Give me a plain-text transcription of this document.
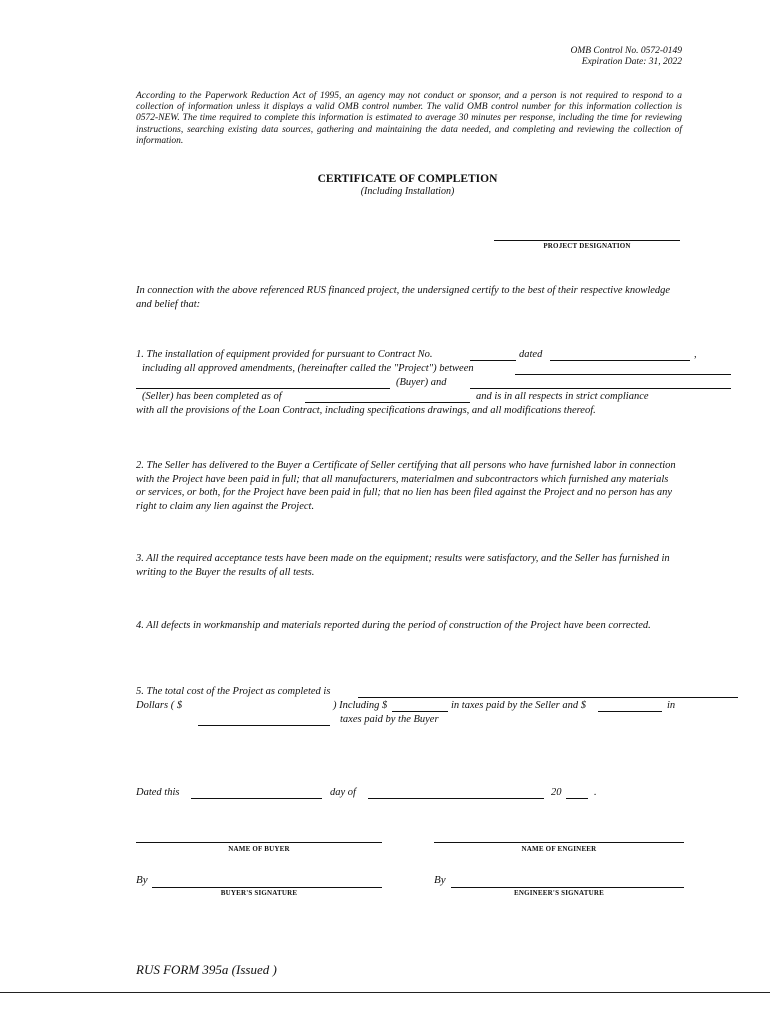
OMB Control No. 0572-0149
Expiration Date: 31, 2022
According to the Paperwork Reduction Act of 1995, an agency may not conduct or sponsor, and a person is not required to respond to a collection of information unless it displays a valid OMB control number. The valid OMB control number for this information collection is 0572-NEW. The time required to complete this information is estimated to average 30 minutes per response, including the time for reviewing instructions, searching existing data sources, gathering and maintaining the data needed, and completing and reviewing the collection of information.
CERTIFICATE OF COMPLETION
(Including Installation)
PROJECT DESIGNATION
In connection with the above referenced RUS financed project, the undersigned certify to the best of their respective knowledge and belief that:
1. The installation of equipment provided for pursuant to Contract No.	dated	,
including all approved amendments, (hereinafter called the "Project") between
(Buyer) and
(Seller) has been completed as of	and is in all respects in strict compliance
with all the provisions of the Loan Contract, including specifications drawings, and all modifications thereof.
2. The Seller has delivered to the Buyer a Certificate of Seller certifying that all persons who have furnished labor in connection with the Project have been paid in full; that all manufacturers, materialmen and subcontractors which furnished any materials or services, or both, for the Project have been paid in full; that no lien has been filed against the Project and no person has any right to claim any lien against the Project.
3. All the required acceptance tests have been made on the equipment; results were satisfactory, and the Seller has furnished in writing to the Buyer the results of all tests.
4. All defects in workmanship and materials reported during the period of construction of the Project have been corrected.
5. The total cost of the Project as completed is
Dollars ( $	) Including $	in taxes paid by the Seller and $	in
taxes paid by the Buyer
Dated this	day of	20	.
NAME OF BUYER	NAME OF ENGINEER
By
BUYER'S SIGNATURE
By
ENGINEER'S SIGNATURE
RUS FORM 395a (Issued )
